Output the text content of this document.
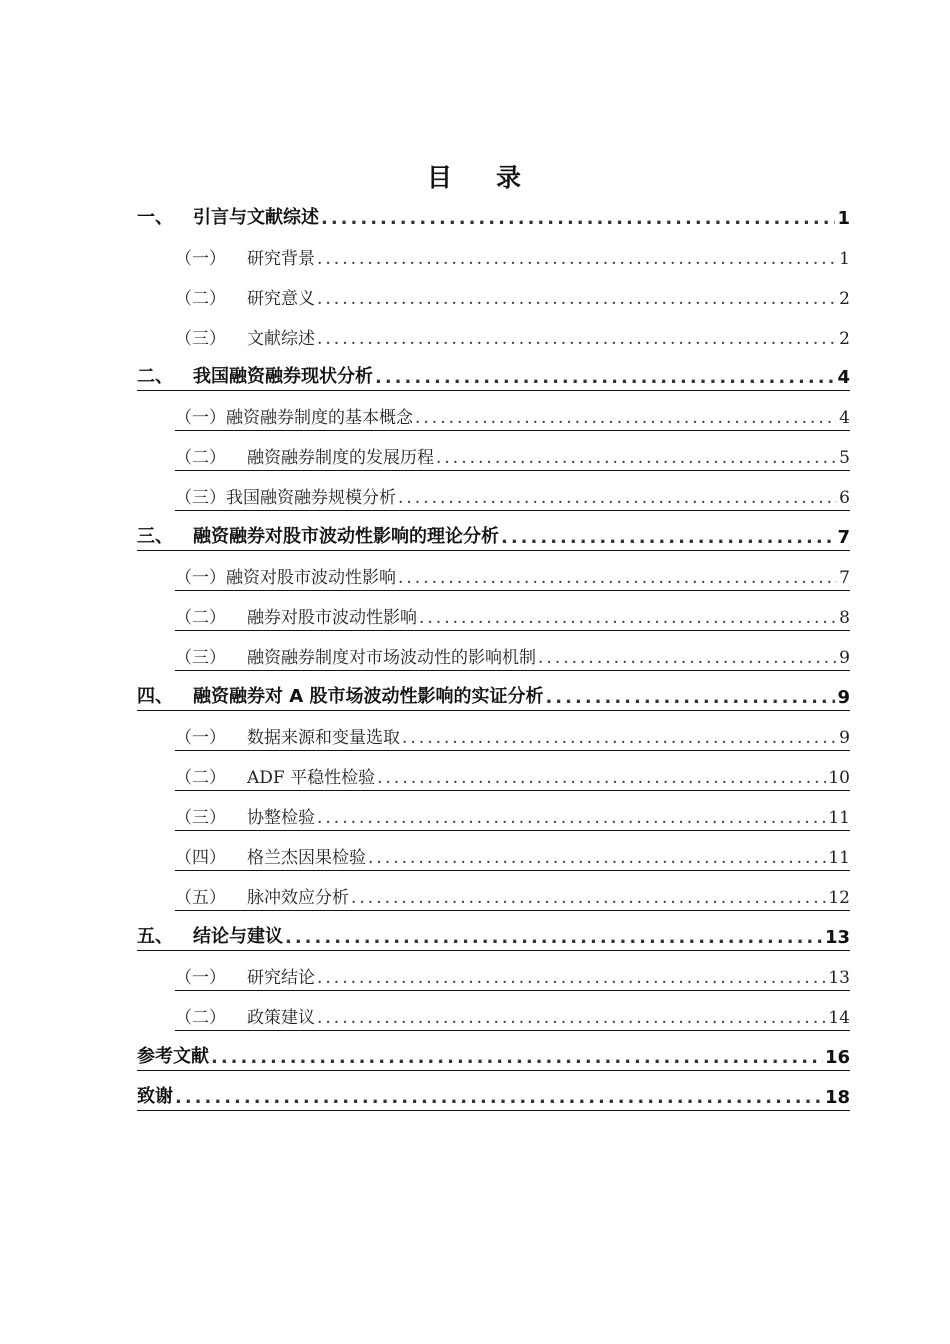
目 录
一、	引言与文献综述 .....	1
（一）	研究背景 .....	1
（二）	研究意义 .....	2
（三）	文献综述 .....	2
二、	我国融资融券现状分析 .....	4
（一） 融资融券制度的基本概念 .....	4
（二）	融资融券制度的发展历程 .....	5
（三） 我国融资融券规模分析 .....	6
三、	融资融券对股市波动性影响的理论分析 .....	7
（一） 融资对股市波动性影响 .....	7
（二）	融券对股市波动性影响 .....	8
（三）	融资融券制度对市场波动性的影响机制 .....	9
四、	融资融券对 A 股市场波动性影响的实证分析 .....	9
（一）	数据来源和变量选取 .....	9
（二）	ADF 平稳性检验 .....	10
（三）	协整检验 .....	11
（四）	格兰杰因果检验 .....	11
（五）	脉冲效应分析 .....	12
五、	结论与建议 .....	13
（一）	研究结论 .....	13
（二）	政策建议 .....	14
参考文献 .....	16
致谢 .....	18
